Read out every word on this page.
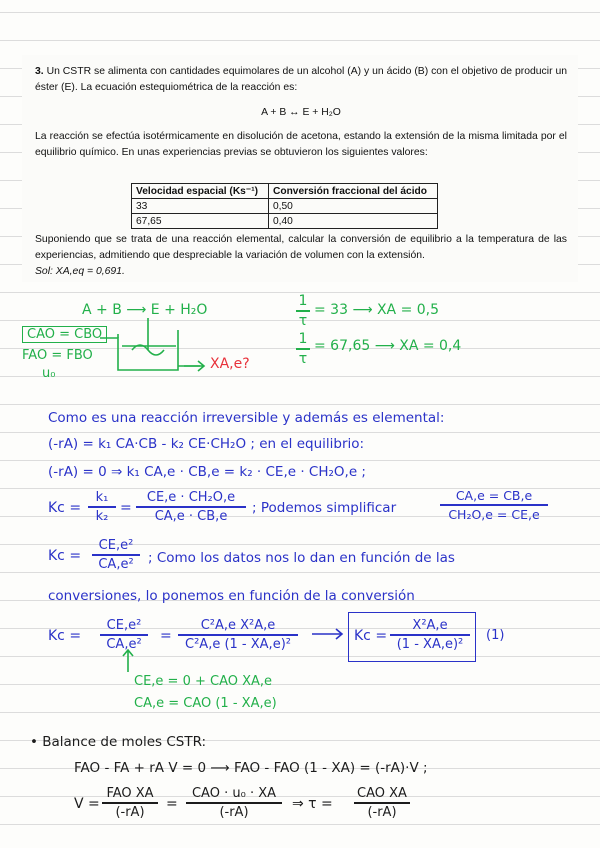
3. Un CSTR se alimenta con cantidades equimolares de un alcohol (A) y un ácido (B) con el objetivo de producir un éster (E). La ecuación estequiométrica de la reacción es:
A + B ↔ E + H₂O
La reacción se efectúa isotérmicamente en disolución de acetona, estando la extensión de la misma limitada por el equilibrio químico. En unas experiencias previas se obtuvieron los siguientes valores:
Velocidad espacial (Ks⁻¹)	Conversión fraccional del ácido
33	0,50
67,65	0,40
Suponiendo que se trata de una reacción elemental, calcular la conversión de equilibrio a la temperatura de las experiencias, admitiendo que despreciable la variación de volumen con la extensión.
Sol: XA,eq = 0,691.
A + B ⟶ E + H₂O
CAO = CBO
FAO = FBO
u₀
XA,e?
1
τ
= 33 ⟶ XA = 0,5
1
τ
= 67,65 ⟶ XA = 0,4
Como es una reacción irreversible y además es elemental:
(-rA) = k₁ CA·CB - k₂ CE·CH₂O ; en el equilibrio:
(-rA) = 0 ⇒ k₁ CA,e · CB,e = k₂ · CE,e · CH₂O,e ;
Kc =
k₁
k₂ =
CE,e · CH₂O,e
CA,e · CB,e	; Podemos simplificar
CA,e = CB,e
CH₂O,e = CE,e
Kc =
CE,e²
CA,e²	; Como los datos nos lo dan en función de las
conversiones, lo ponemos en función de la conversión
Kc =
CE,e²
CA,e²	=
C²A,e X²A,e
C²A,e (1 - XA,e)²	Kc =
X²A,e
(1 - XA,e)²
(1)
CE,e = 0 + CAO XA,e
CA,e = CAO (1 - XA,e)
• Balance de moles CSTR:
FAO - FA + rA V = 0 ⟶ FAO - FAO (1 - XA) = (-rA)·V ;
V =
FAO XA
(-rA)	=
CAO · u₀ · XA
(-rA)	⇒ τ =
CAO XA
(-rA)
